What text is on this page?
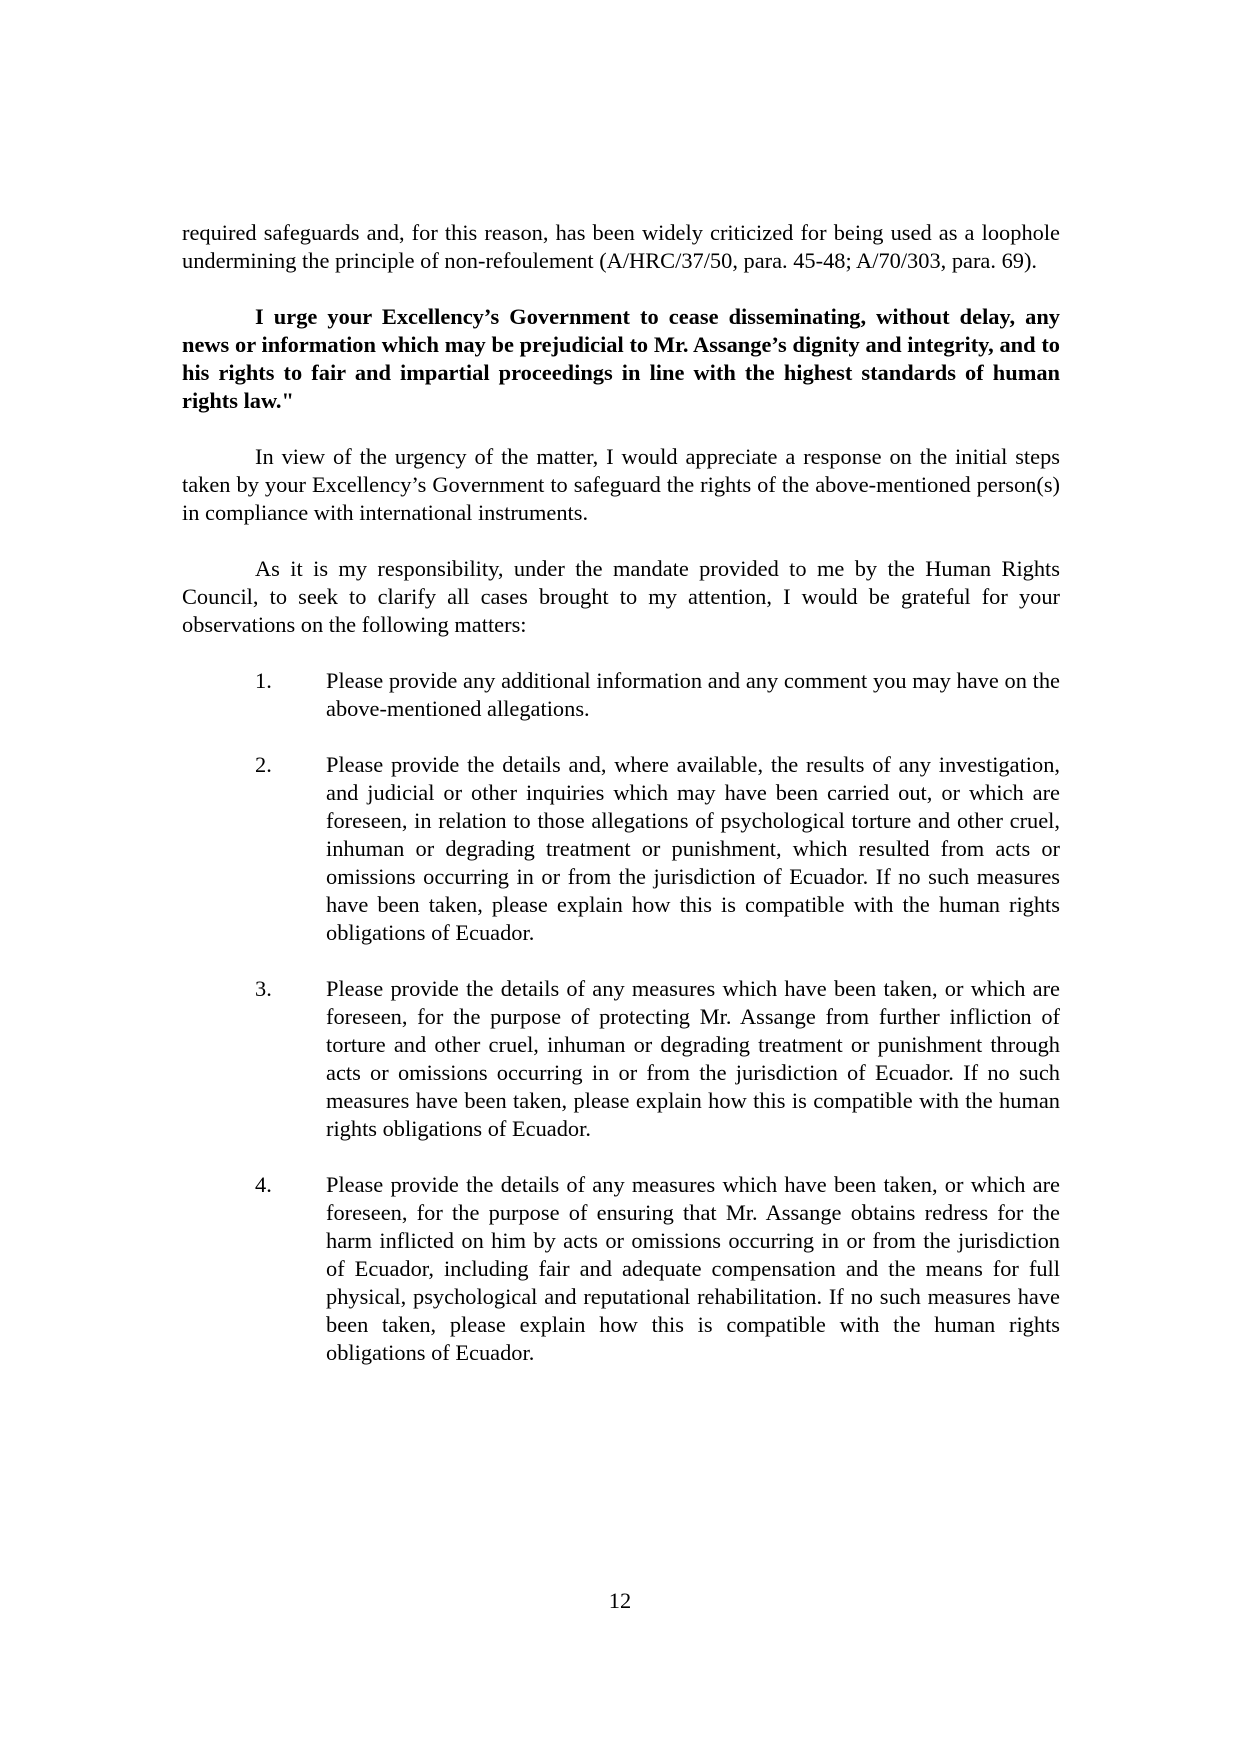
required safeguards and, for this reason, has been widely criticized for being used as a loophole undermining the principle of non-refoulement (A/HRC/37/50, para. 45-48; A/70/303, para. 69).

I urge your Excellency’s Government to cease disseminating, without delay, any news or information which may be prejudicial to Mr. Assange’s dignity and integrity, and to his rights to fair and impartial proceedings in line with the highest standards of human rights law."

In view of the urgency of the matter, I would appreciate a response on the initial steps taken by your Excellency’s Government to safeguard the rights of the above-mentioned person(s) in compliance with international instruments.

As it is my responsibility, under the mandate provided to me by the Human Rights Council, to seek to clarify all cases brought to my attention, I would be grateful for your observations on the following matters:

1. Please provide any additional information and any comment you may have on the above-mentioned allegations.
2. Please provide the details and, where available, the results of any investigation, and judicial or other inquiries which may have been carried out, or which are foreseen, in relation to those allegations of psychological torture and other cruel, inhuman or degrading treatment or punishment, which resulted from acts or omissions occurring in or from the jurisdiction of Ecuador. If no such measures have been taken, please explain how this is compatible with the human rights obligations of Ecuador.
3. Please provide the details of any measures which have been taken, or which are foreseen, for the purpose of protecting Mr. Assange from further infliction of torture and other cruel, inhuman or degrading treatment or punishment through acts or omissions occurring in or from the jurisdiction of Ecuador. If no such measures have been taken, please explain how this is compatible with the human rights obligations of Ecuador.
4. Please provide the details of any measures which have been taken, or which are foreseen, for the purpose of ensuring that Mr. Assange obtains redress for the harm inflicted on him by acts or omissions occurring in or from the jurisdiction of Ecuador, including fair and adequate compensation and the means for full physical, psychological and reputational rehabilitation. If no such measures have been taken, please explain how this is compatible with the human rights obligations of Ecuador.
12
